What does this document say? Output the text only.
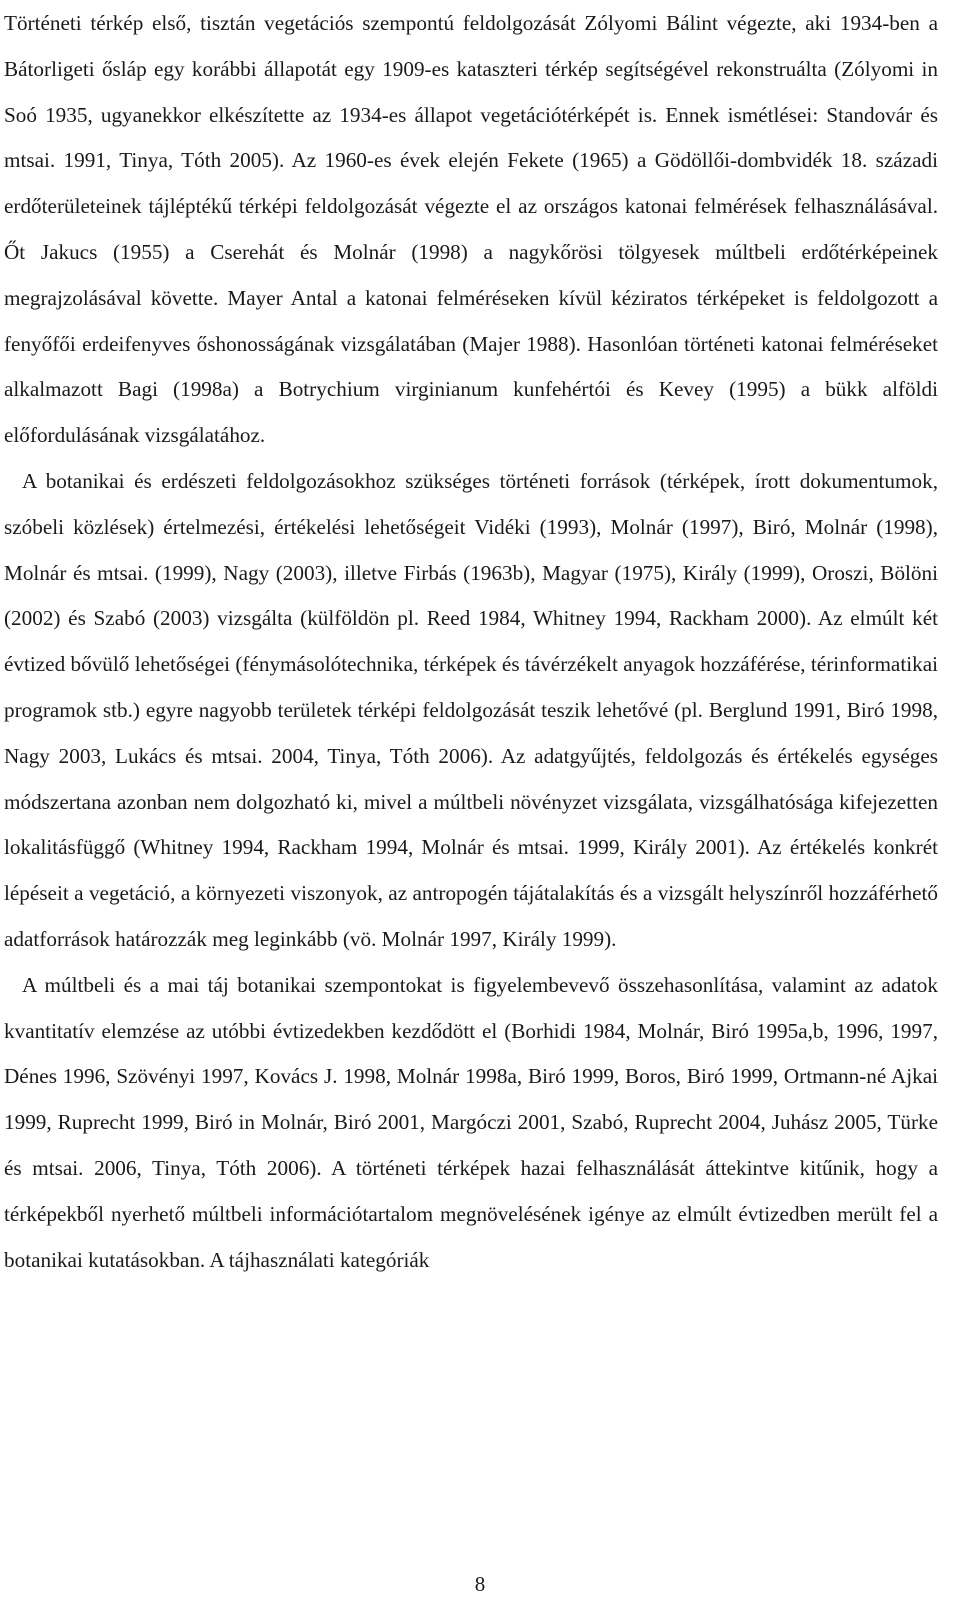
Történeti térkép első, tisztán vegetációs szempontú feldolgozását Zólyomi Bálint végezte, aki 1934-ben a Bátorligeti ősláp egy korábbi állapotát egy 1909-es kataszteri térkép segítségével rekonstruálta (Zólyomi in Soó 1935, ugyanekkor elkészítette az 1934-es állapot vegetációtérképét is. Ennek ismétlései: Standovár és mtsai. 1991, Tinya, Tóth 2005). Az 1960-es évek elején Fekete (1965) a Gödöllői-dombvidék 18. századi erdőterületeinek tájléptékű térképi feldolgozását végezte el az országos katonai felmérések felhasználásával. Őt Jakucs (1955) a Cserehát és Molnár (1998) a nagykőrösi tölgyesek múltbeli erdőtérképeinek megrajzolásával követte. Mayer Antal a katonai felméréseken kívül kéziratos térképeket is feldolgozott a fenyőfői erdeifenyves őshonosságának vizsgálatában (Majer 1988). Hasonlóan történeti katonai felméréseket alkalmazott Bagi (1998a) a Botrychium virginianum kunfehértói és Kevey (1995) a bükk alföldi előfordulásának vizsgálatához.

A botanikai és erdészeti feldolgozásokhoz szükséges történeti források (térképek, írott dokumentumok, szóbeli közlések) értelmezési, értékelési lehetőségeit Vidéki (1993), Molnár (1997), Biró, Molnár (1998), Molnár és mtsai. (1999), Nagy (2003), illetve Firbás (1963b), Magyar (1975), Király (1999), Oroszi, Bölöni (2002) és Szabó (2003) vizsgálta (külföldön pl. Reed 1984, Whitney 1994, Rackham 2000). Az elmúlt két évtized bővülő lehetőségei (fénymásolótechnika, térképek és távérzékelt anyagok hozzáférése, térinformatikai programok stb.) egyre nagyobb területek térképi feldolgozását teszik lehetővé (pl. Berglund 1991, Biró 1998, Nagy 2003, Lukács és mtsai. 2004, Tinya, Tóth 2006). Az adatgyűjtés, feldolgozás és értékelés egységes módszertana azonban nem dolgozható ki, mivel a múltbeli növényzet vizsgálata, vizsgálhatósága kifejezetten lokalitásfüggő (Whitney 1994, Rackham 1994, Molnár és mtsai. 1999, Király 2001). Az értékelés konkrét lépéseit a vegetáció, a környezeti viszonyok, az antropogén tájátalakítás és a vizsgált helyszínről hozzáférhető adatforrások határozzák meg leginkább (vö. Molnár 1997, Király 1999).

A múltbeli és a mai táj botanikai szempontokat is figyelembevevő összehasonlítása, valamint az adatok kvantitatív elemzése az utóbbi évtizedekben kezdődött el (Borhidi 1984, Molnár, Biró 1995a,b, 1996, 1997, Dénes 1996, Szövényi 1997, Kovács J. 1998, Molnár 1998a, Biró 1999, Boros, Biró 1999, Ortmann-né Ajkai 1999, Ruprecht 1999, Biró in Molnár, Biró 2001, Margóczi 2001, Szabó, Ruprecht 2004, Juhász 2005, Türke és mtsai. 2006, Tinya, Tóth 2006). A történeti térképek hazai felhasználását áttekintve kitűnik, hogy a térképekből nyerhető múltbeli információtartalom megnövelésének igénye az elmúlt évtizedben merült fel a botanikai kutatásokban. A tájhasználati kategóriák

8
